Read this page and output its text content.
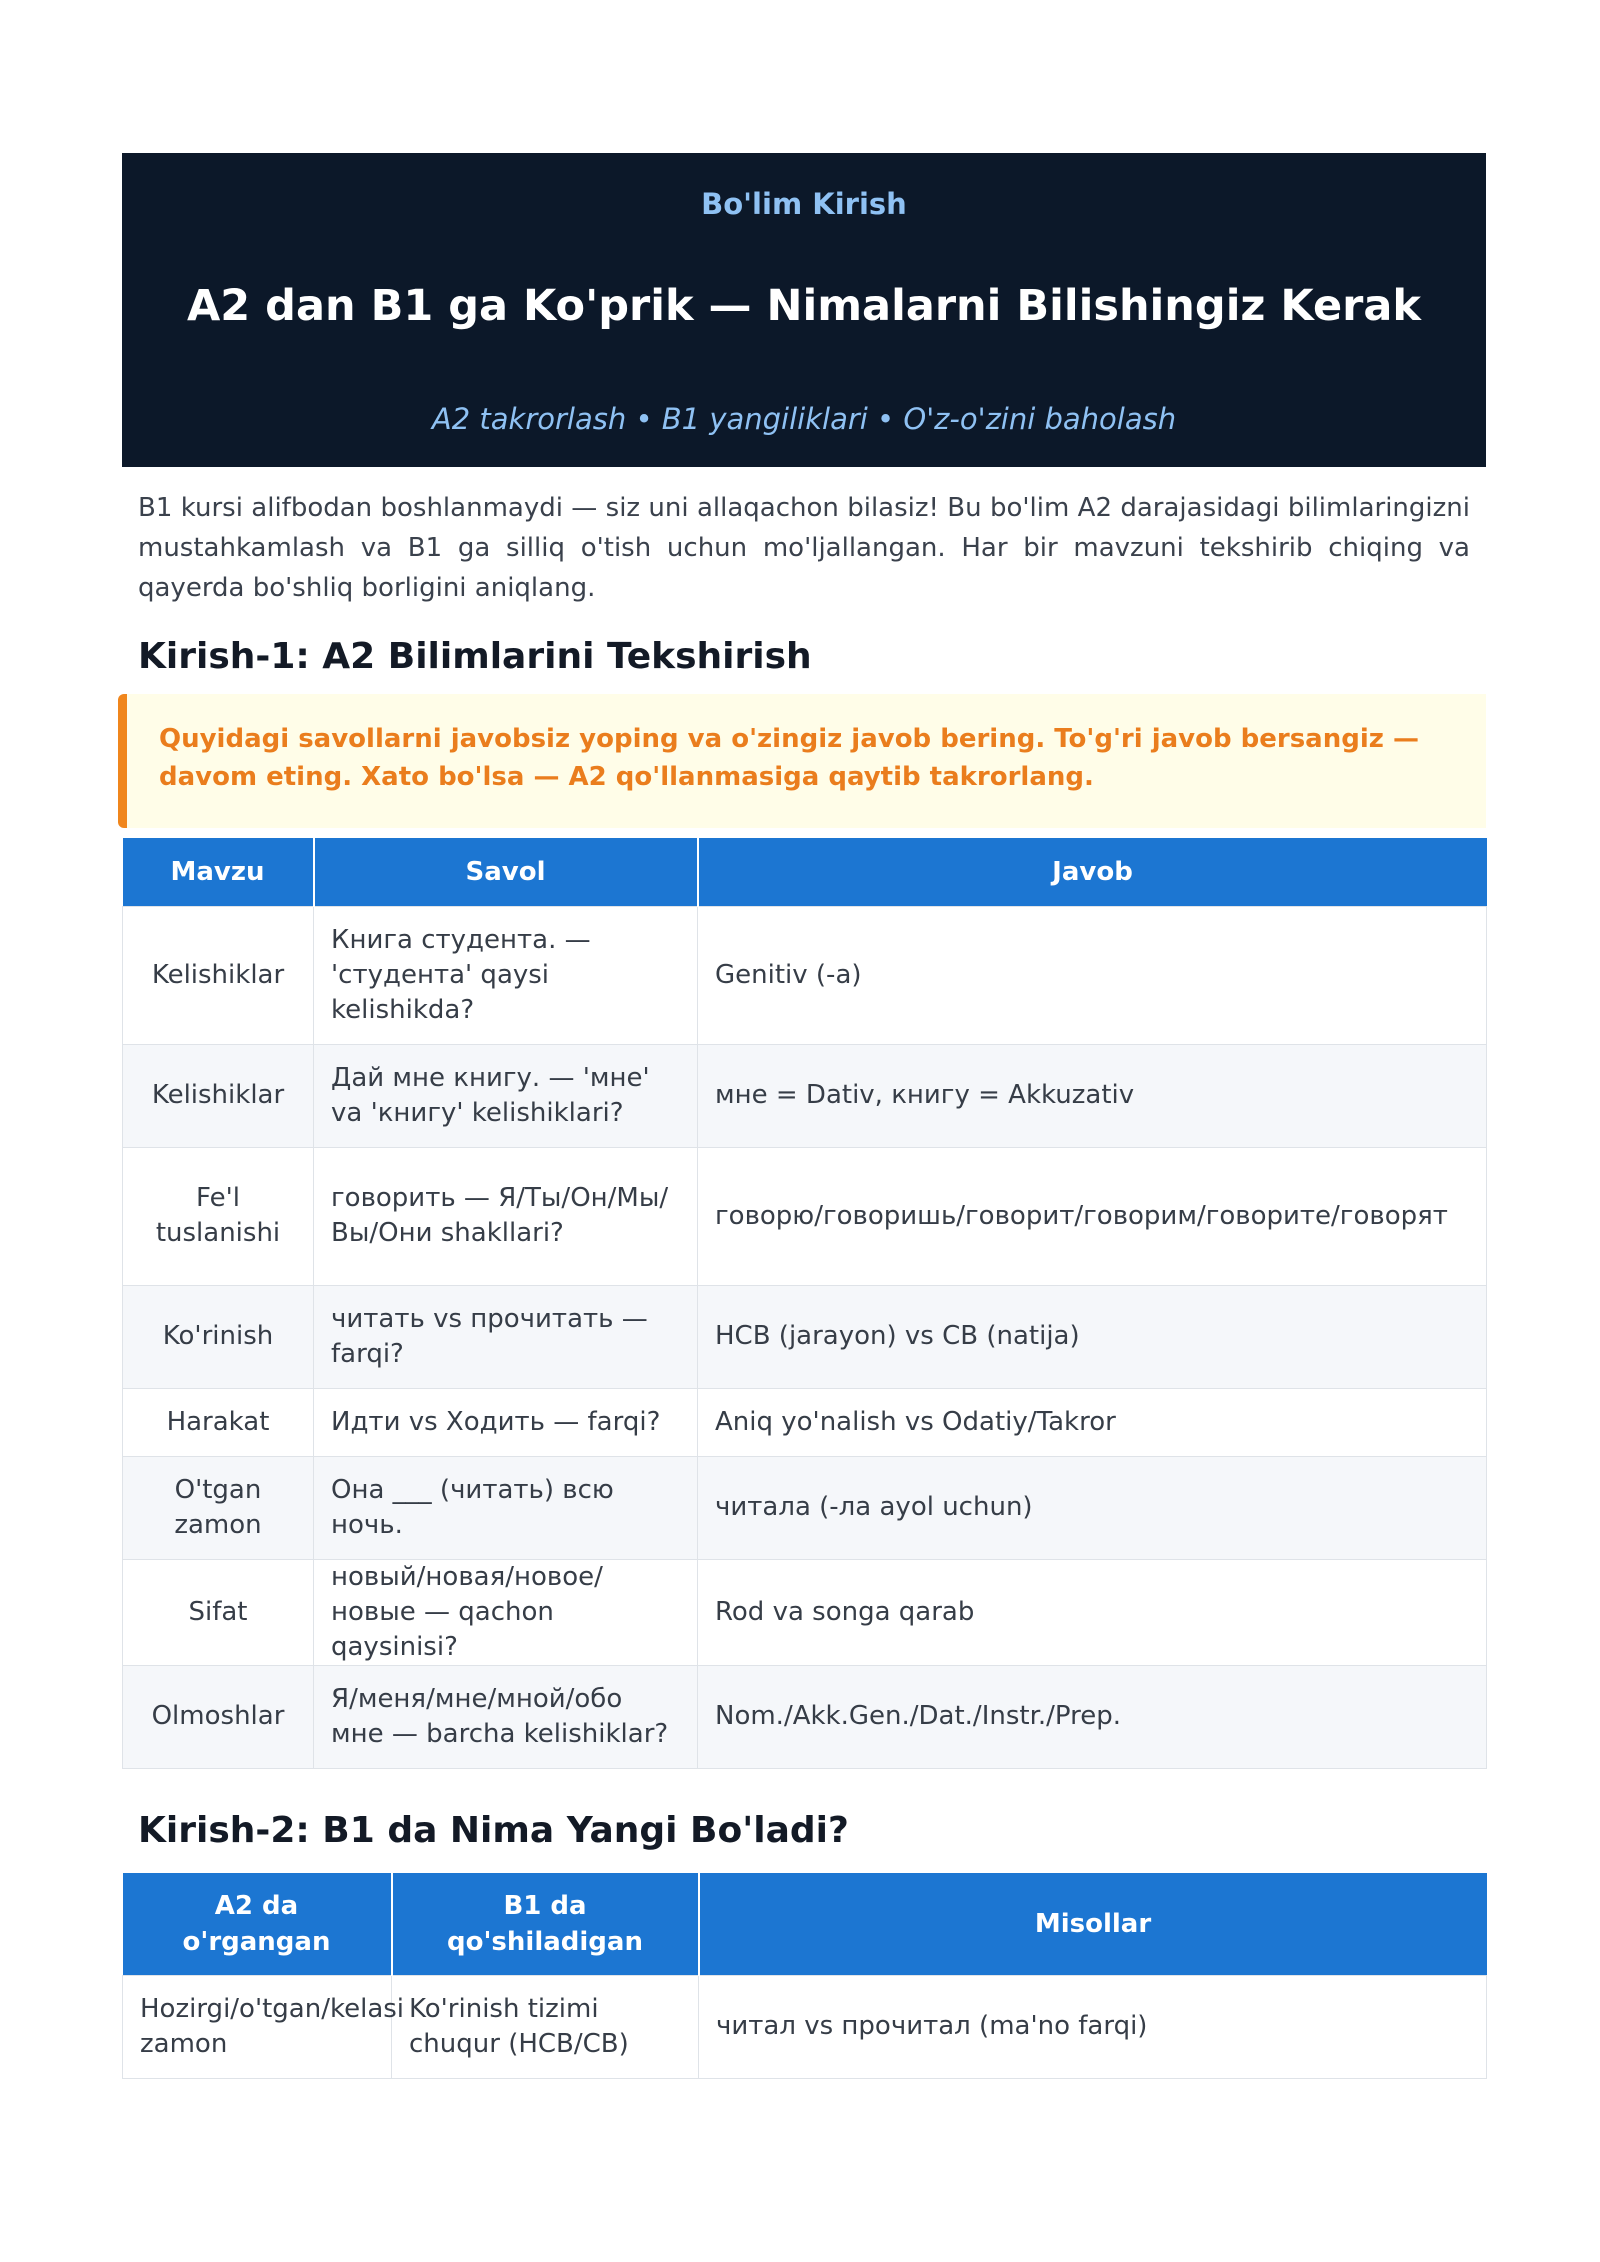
Bo'lim Kirish
A2 dan B1 ga Ko'prik — Nimalarni Bilishingiz Kerak
A2 takrorlash • B1 yangiliklari • O'z-o'zini baholash

B1 kursi alifbodan boshlanmaydi — siz uni allaqachon bilasiz! Bu bo'lim A2 darajasidagi bilimlaringizni mustahkamlash va B1 ga silliq o'tish uchun mo'ljallangan. Har bir mavzuni tekshirib chiqing va qayerda bo'shliq borligini aniqlang.

Kirish-1: A2 Bilimlarini Tekshirish

Quyidagi savollarni javobsiz yoping va o'zingiz javob bering. To'g'ri javob bersangiz — davom eting. Xato bo'lsa — A2 qo'llanmasiga qaytib takrorlang.

Mavzu	Savol	Javob
Kelishiklar	Книга студента. — 'студента' qaysi kelishikda?	Genitiv (-а)
Kelishiklar	Дай мне книгу. — 'мне' va 'книгу' kelishiklari?	мне = Dativ, книгу = Akkuzativ
Fe'l tuslanishi	говорить — Я/Ты/Он/Мы/Вы/Они shakllari?	говорю/говоришь/говорит/говорим/говорите/говорят
Ko'rinish	читать vs прочитать — farqi?	НСВ (jarayon) vs СВ (natija)
Harakat	Идти vs Ходить — farqi?	Aniq yo'nalish vs Odatiy/Takror
O'tgan zamon	Она ___ (читать) всю ночь.	читала (-ла ayol uchun)
Sifat	новый/новая/новое/новые — qachon qaysinisi?	Rod va songa qarab
Olmoshlar	Я/меня/мне/мной/обо мне — barcha kelishiklar?	Nom./Akk.Gen./Dat./Instr./Prep.
Kirish-2: B1 da Nima Yangi Bo'ladi?
A2 da o'rgangan	B1 da qo'shiladigan	Misollar
Hozirgi/o'tgan/kelasi zamon	Ko'rinish tizimi chuqur (НСВ/СВ)	читал vs прочитал (ma'no farqi)
